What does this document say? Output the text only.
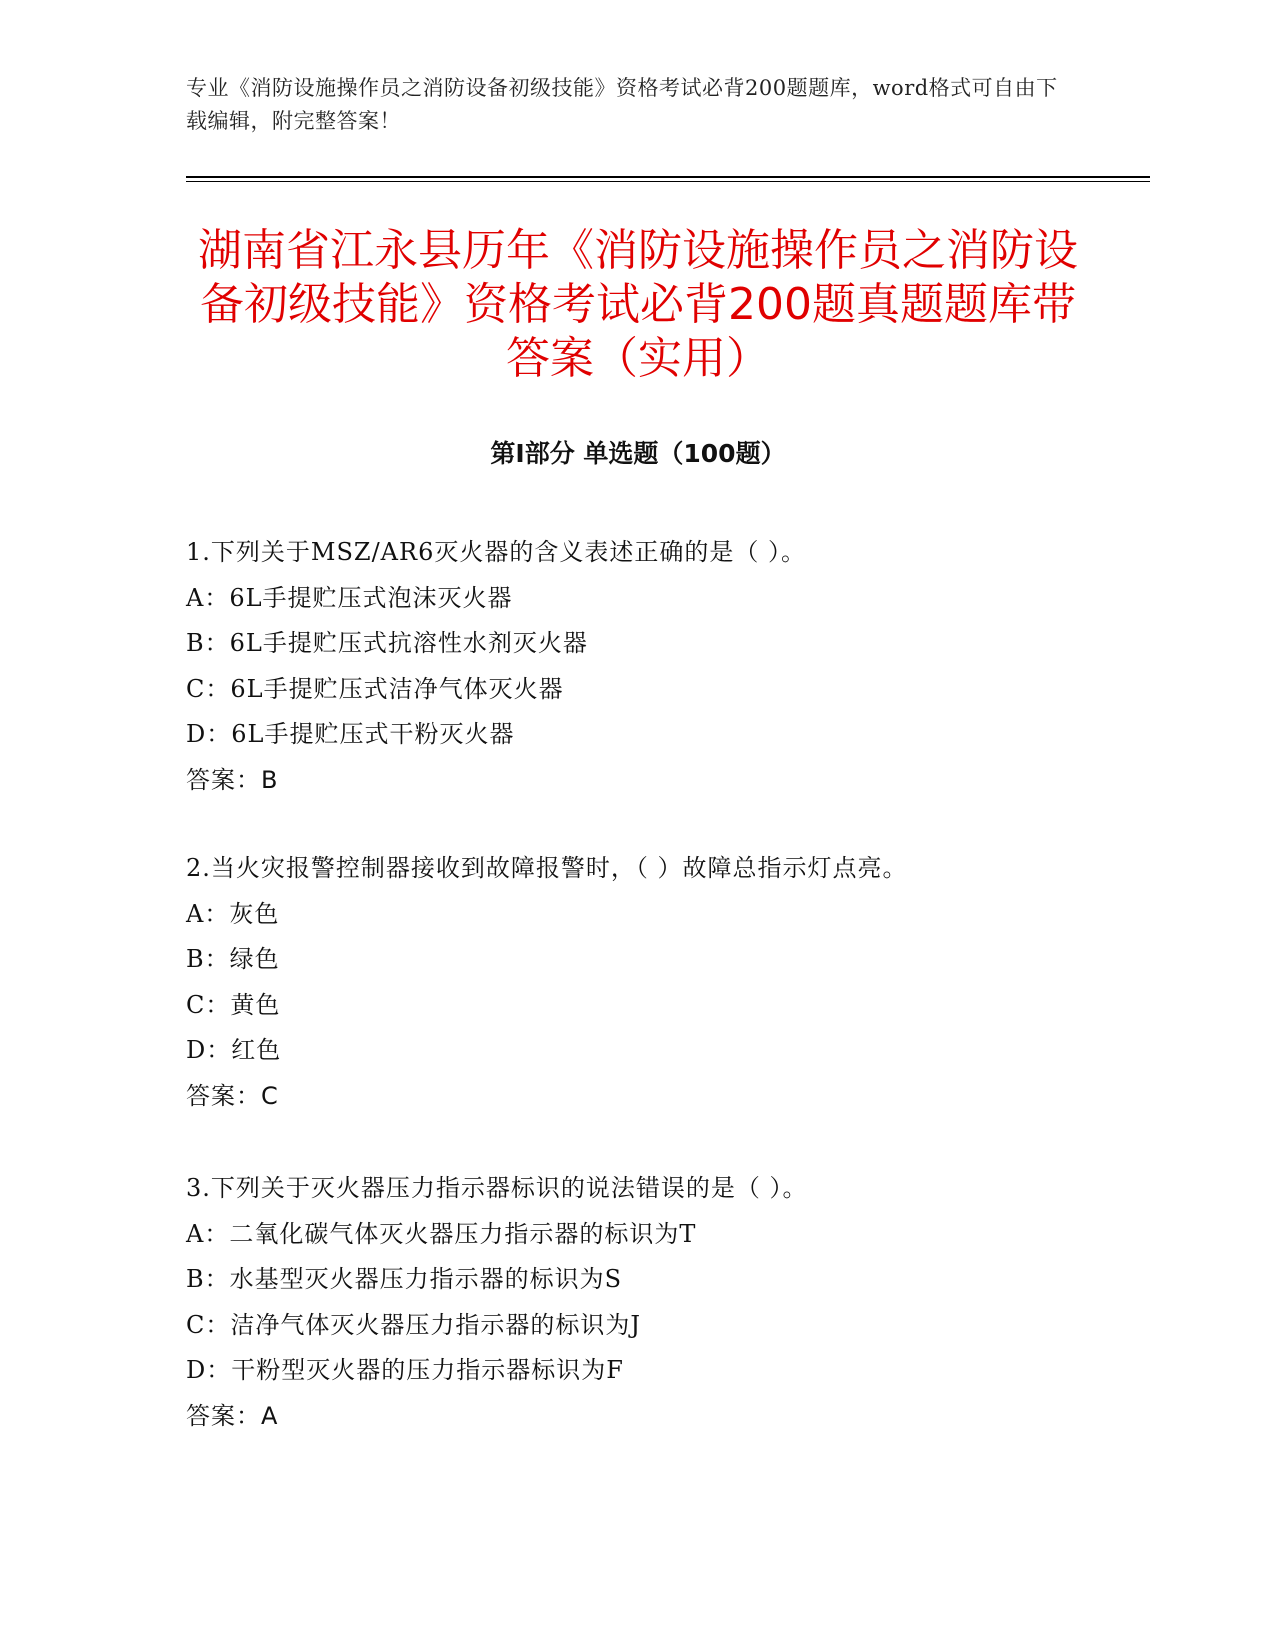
专业《消防设施操作员之消防设备初级技能》资格考试必背200题题库，word格式可自由下载编辑，附完整答案！
湖南省江永县历年《消防设施操作员之消防设备初级技能》资格考试必背200题真题题库带答案（实用）
第Ⅰ部分 单选题（100题）
1.下列关于MSZ/AR6灭火器的含义表述正确的是（ ）。
A：6L手提贮压式泡沫灭火器
B：6L手提贮压式抗溶性水剂灭火器
C：6L手提贮压式洁净气体灭火器
D：6L手提贮压式干粉灭火器
答案：B
2.当火灾报警控制器接收到故障报警时，（ ）故障总指示灯点亮。
A：灰色
B：绿色
C：黄色
D：红色
答案：C
3.下列关于灭火器压力指示器标识的说法错误的是（ ）。
A：二氧化碳气体灭火器压力指示器的标识为T
B：水基型灭火器压力指示器的标识为S
C：洁净气体灭火器压力指示器的标识为J
D：干粉型灭火器的压力指示器标识为F
答案：A
